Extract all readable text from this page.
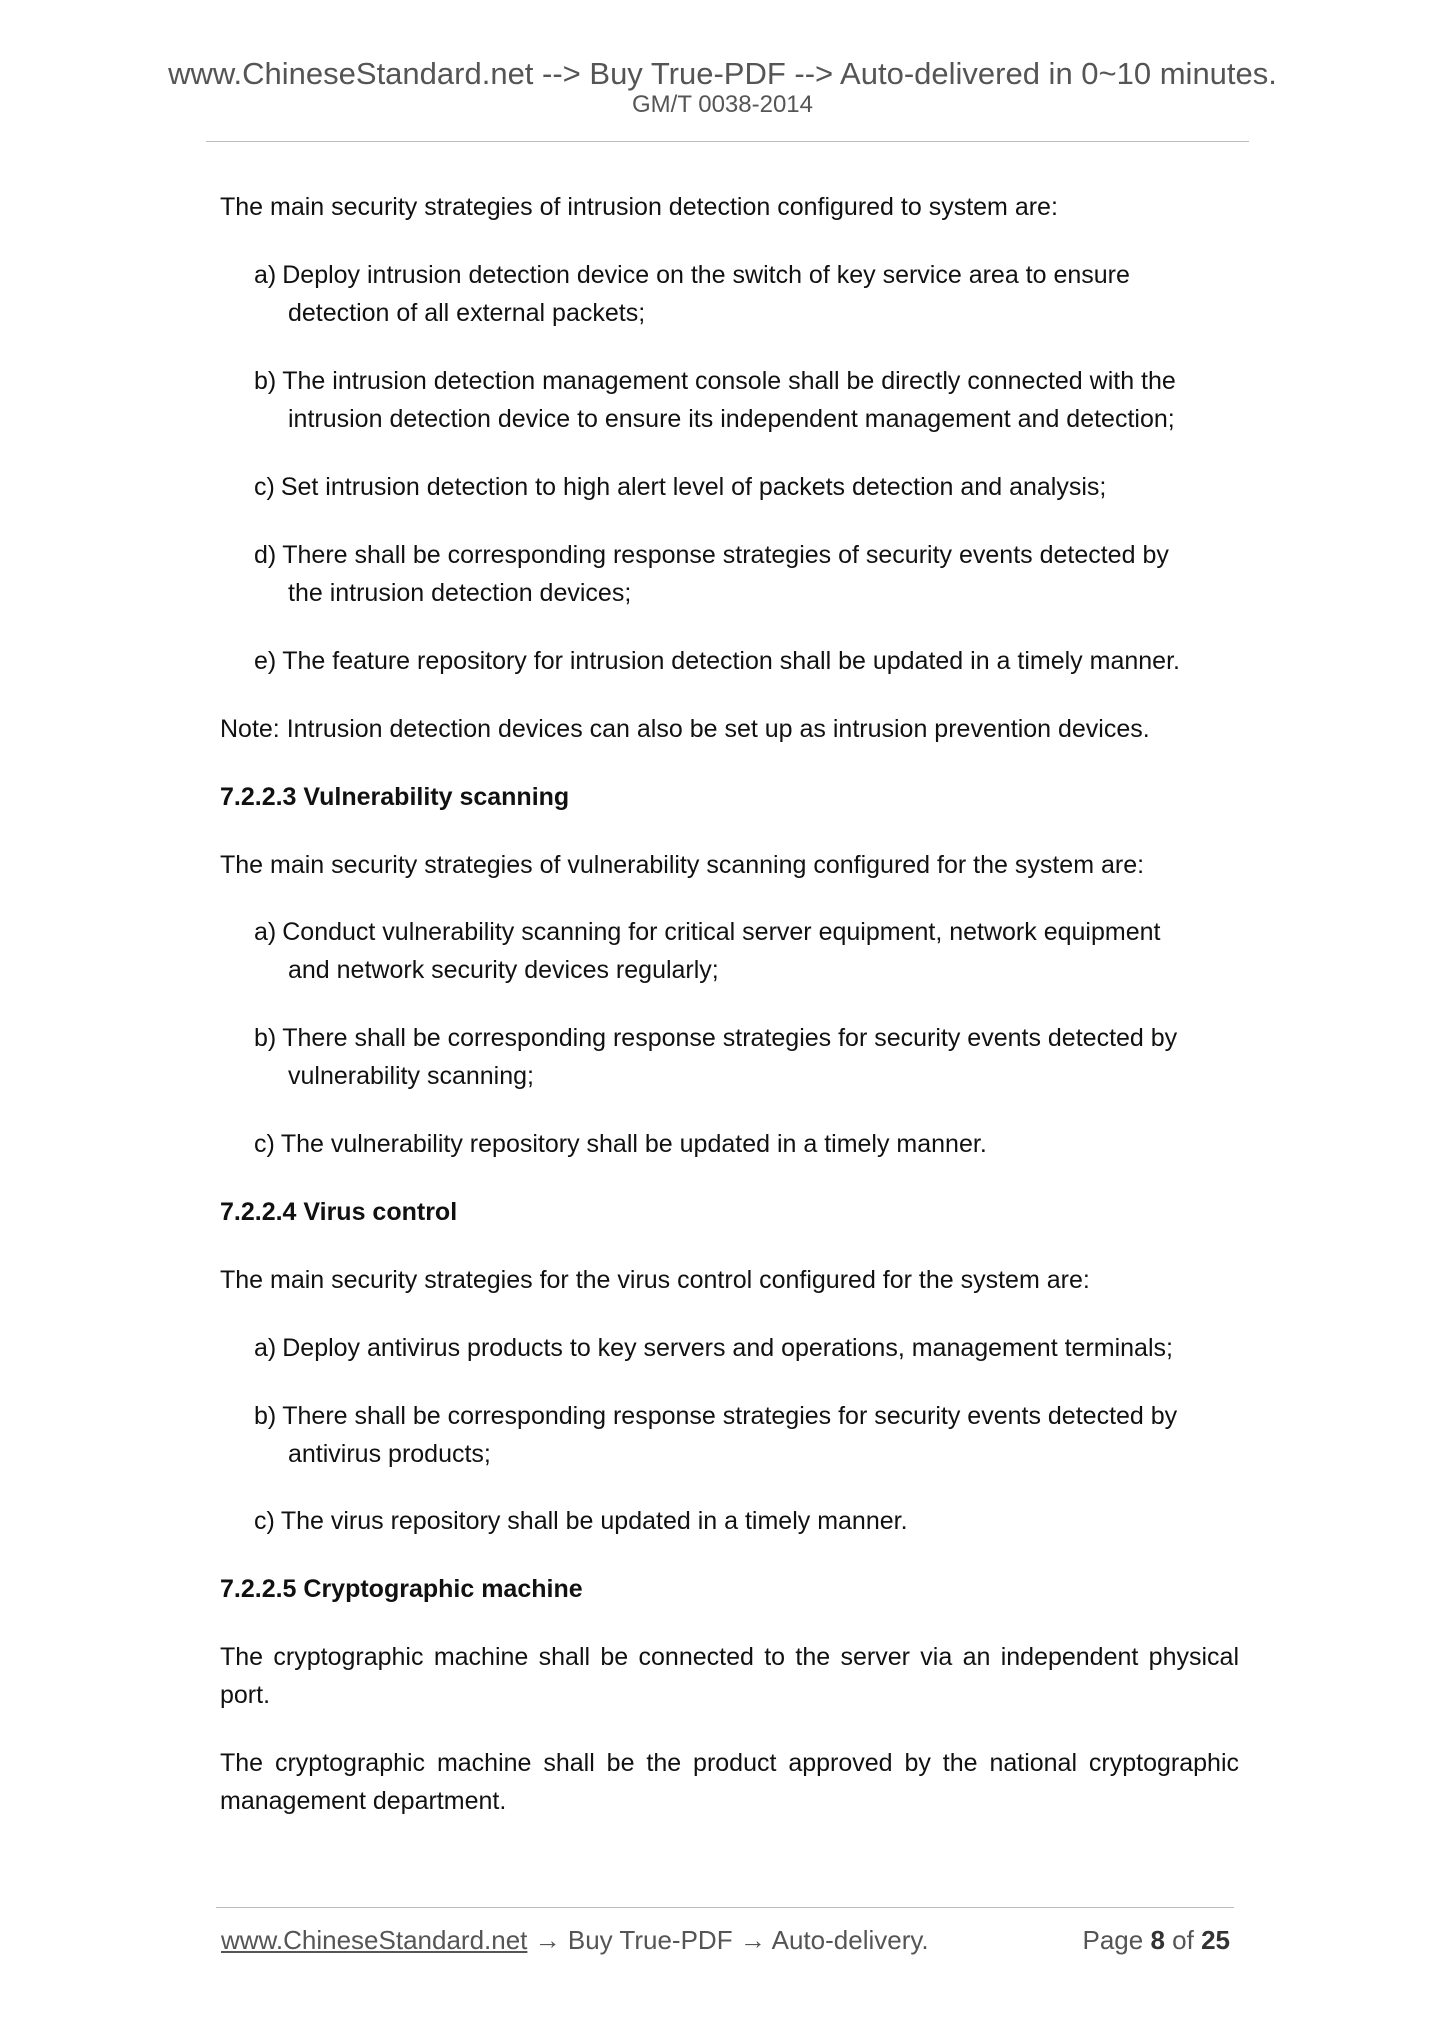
www.ChineseStandard.net --> Buy True-PDF --> Auto-delivered in 0~10 minutes.
GM/T 0038-2014

The main security strategies of intrusion detection configured to system are:

a) Deploy intrusion detection device on the switch of key service area to ensure
detection of all external packets;
b) The intrusion detection management console shall be directly connected with the
intrusion detection device to ensure its independent management and detection;
c) Set intrusion detection to high alert level of packets detection and analysis;
d) There shall be corresponding response strategies of security events detected by
the intrusion detection devices;
e) The feature repository for intrusion detection shall be updated in a timely manner.

Note: Intrusion detection devices can also be set up as intrusion prevention devices.

7.2.2.3 Vulnerability scanning

The main security strategies of vulnerability scanning configured for the system are:

a) Conduct vulnerability scanning for critical server equipment, network equipment
and network security devices regularly;
b) There shall be corresponding response strategies for security events detected by
vulnerability scanning;
c) The vulnerability repository shall be updated in a timely manner.

7.2.2.4 Virus control

The main security strategies for the virus control configured for the system are:

a) Deploy antivirus products to key servers and operations, management terminals;
b) There shall be corresponding response strategies for security events detected by
antivirus products;
c) The virus repository shall be updated in a timely manner.

7.2.2.5 Cryptographic machine

The cryptographic machine shall be connected to the server via an independent physical port.

The cryptographic machine shall be the product approved by the national cryptographic management department.

www.ChineseStandard.net → Buy True-PDF → Auto-delivery.	Page 8 of 25
